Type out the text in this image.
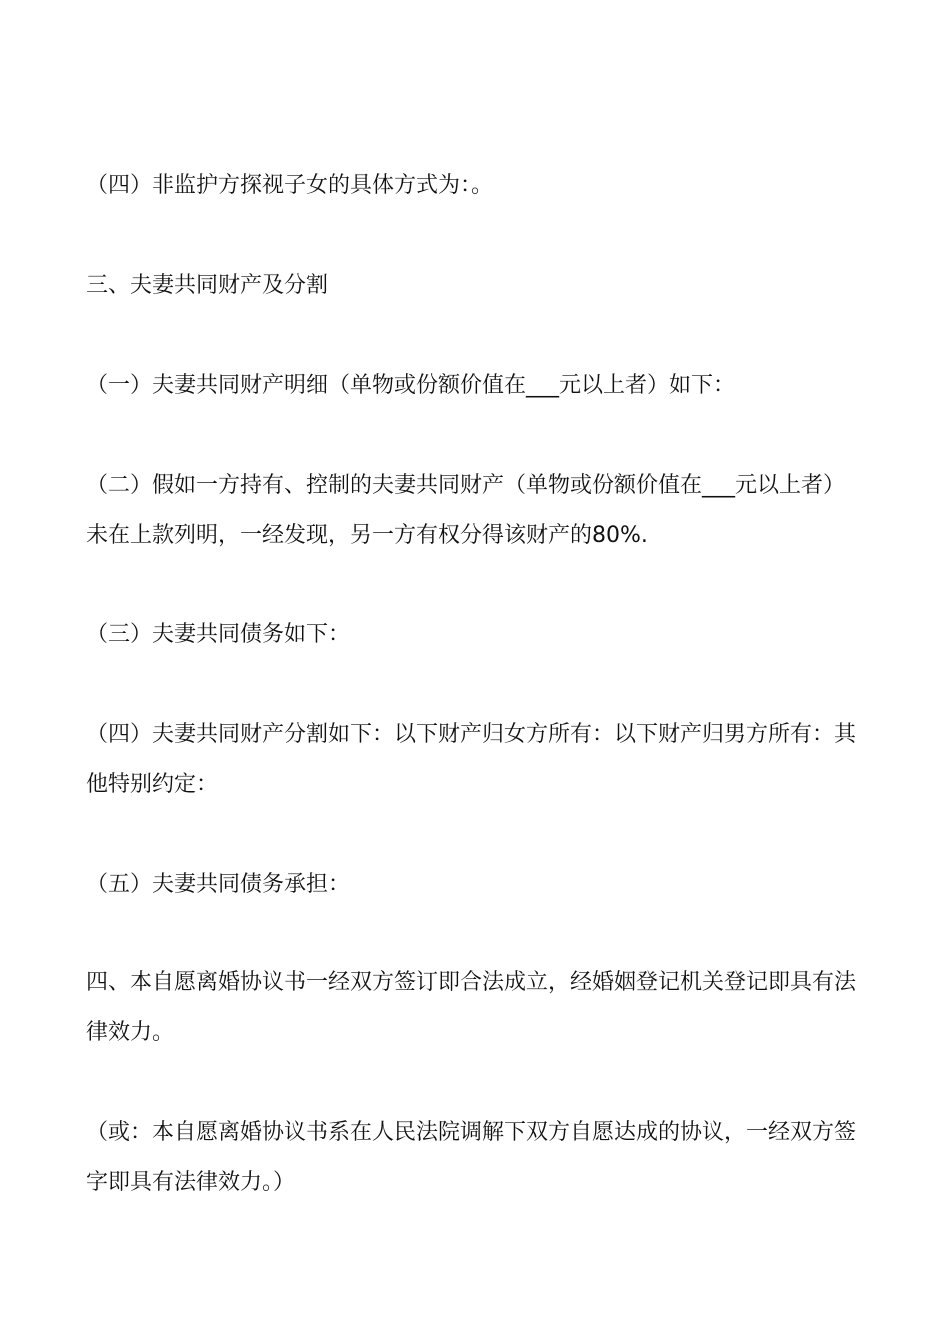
（四）非监护方探视子女的具体方式为：。

三、夫妻共同财产及分割

（一）夫妻共同财产明细（单物或份额价值在___元以上者）如下：

（二）假如一方持有、控制的夫妻共同财产（单物或份额价值在___元以上者）未在上款列明，一经发现，另一方有权分得该财产的80%.

（三）夫妻共同债务如下：

（四）夫妻共同财产分割如下：以下财产归女方所有：以下财产归男方所有：其他特别约定：

（五）夫妻共同债务承担：

四、本自愿离婚协议书一经双方签订即合法成立，经婚姻登记机关登记即具有法律效力。

（或：本自愿离婚协议书系在人民法院调解下双方自愿达成的协议，一经双方签字即具有法律效力。）
